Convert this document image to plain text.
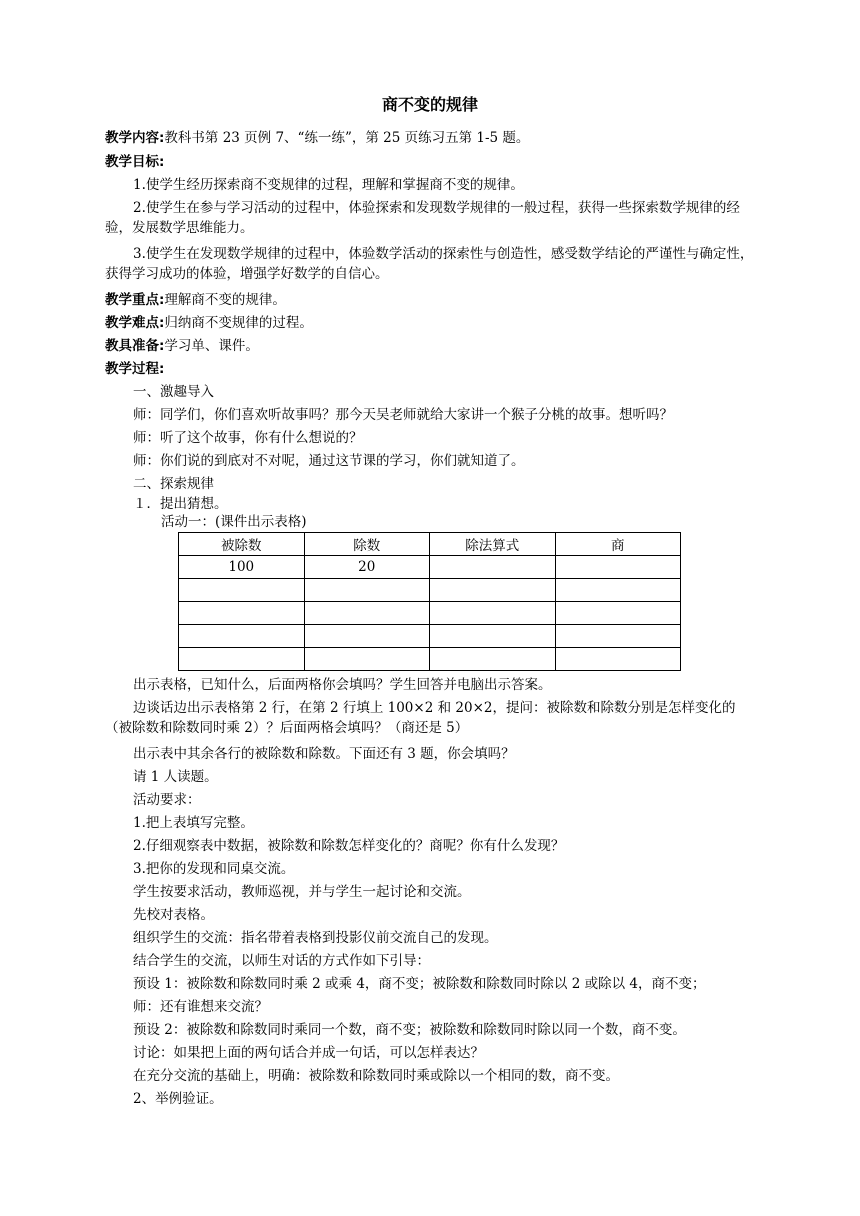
商不变的规律
教学内容:教科书第 23 页例 7、“练一练”，第 25 页练习五第 1-5 题。
教学目标:
1.使学生经历探索商不变规律的过程，理解和掌握商不变的规律。
2.使学生在参与学习活动的过程中，体验探索和发现数学规律的一般过程，获得一些探索数学规律的经验，发展数学思维能力。
3.使学生在发现数学规律的过程中，体验数学活动的探索性与创造性，感受数学结论的严谨性与确定性，获得学习成功的体验，增强学好数学的自信心。
教学重点:理解商不变的规律。
教学难点:归纳商不变规律的过程。
教具准备:学习单、课件。
教学过程:
一、激趣导入
师：同学们，你们喜欢听故事吗？那今天吴老师就给大家讲一个猴子分桃的故事。想听吗？
师：听了这个故事，你有什么想说的？
师：你们说的到底对不对呢，通过这节课的学习，你们就知道了。
二、探索规律
１．提出猜想。
活动一：(课件出示表格)
被除数	除数	除法算式	商
100	20		

出示表格，已知什么，后面两格你会填吗？学生回答并电脑出示答案。
边谈话边出示表格第 2 行，在第 2 行填上 100×2 和 20×2，提问：被除数和除数分别是怎样变化的（被除数和除数同时乘 2）？后面两格会填吗？（商还是 5）
出示表中其余各行的被除数和除数。下面还有 3 题，你会填吗？
请 1 人读题。
活动要求：
1.把上表填写完整。
2.仔细观察表中数据，被除数和除数怎样变化的？商呢？你有什么发现？
3.把你的发现和同桌交流。
学生按要求活动，教师巡视，并与学生一起讨论和交流。
先校对表格。
组织学生的交流：指名带着表格到投影仪前交流自己的发现。
结合学生的交流，以师生对话的方式作如下引导：
预设 1：被除数和除数同时乘 2 或乘 4，商不变；被除数和除数同时除以 2 或除以 4，商不变；
师：还有谁想来交流？
预设 2：被除数和除数同时乘同一个数，商不变；被除数和除数同时除以同一个数，商不变。
讨论：如果把上面的两句话合并成一句话，可以怎样表达？
在充分交流的基础上，明确：被除数和除数同时乘或除以一个相同的数，商不变。
2、举例验证。
